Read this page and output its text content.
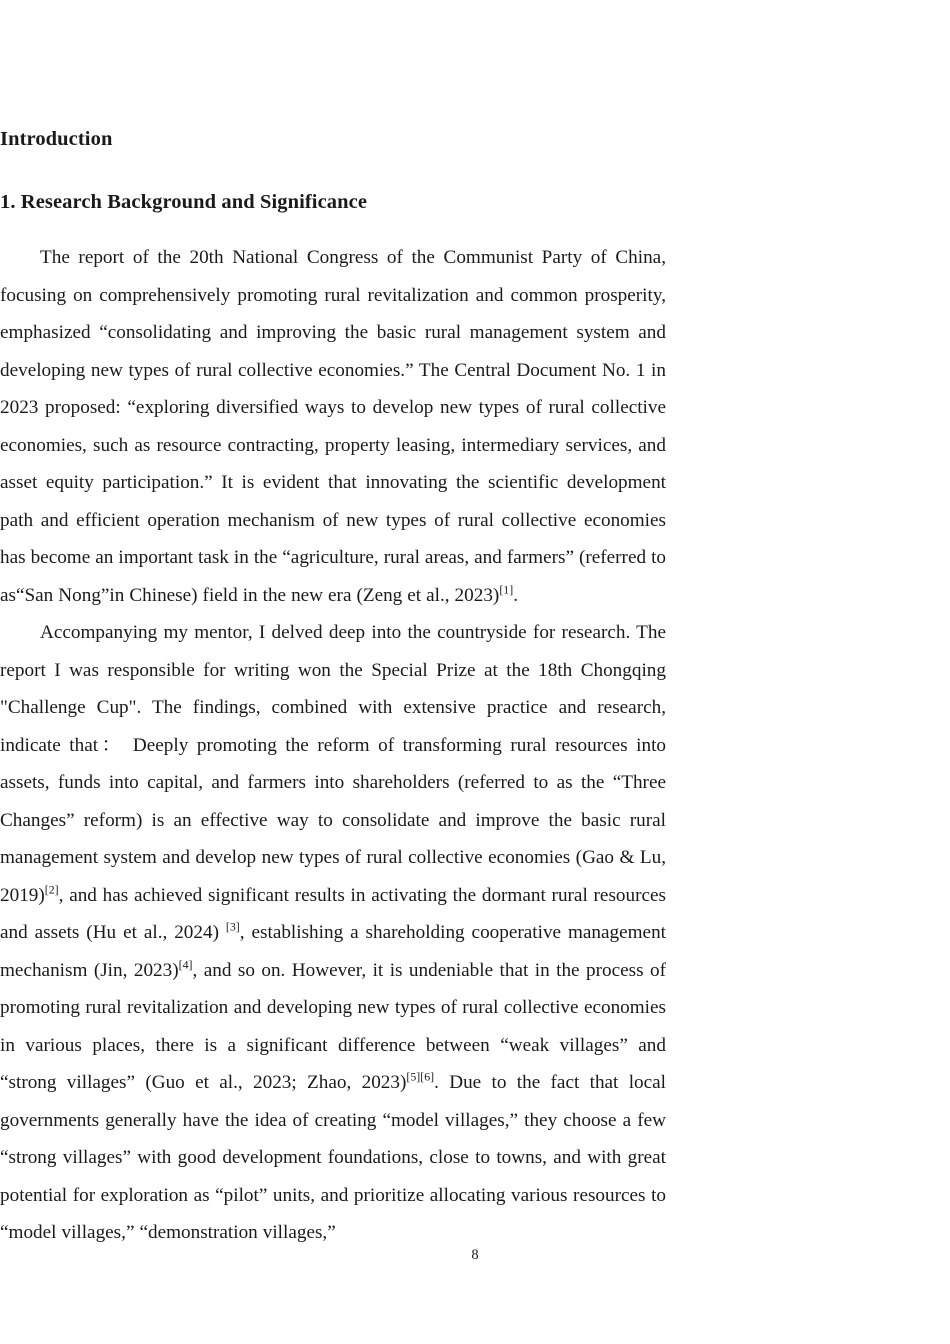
Introduction
1. Research Background and Significance

The report of the 20th National Congress of the Communist Party of China, focusing on comprehensively promoting rural revitalization and common prosperity, emphasized “consolidating and improving the basic rural management system and developing new types of rural collective economies.” The Central Document No. 1 in 2023 proposed: “exploring diversified ways to develop new types of rural collective economies, such as resource contracting, property leasing, intermediary services, and asset equity participation.” It is evident that innovating the scientific development path and efficient operation mechanism of new types of rural collective economies has become an important task in the “agriculture, rural areas, and farmers” (referred to as“San Nong”in Chinese) field in the new era (Zeng et al., 2023)[1].

Accompanying my mentor, I delved deep into the countryside for research. The report I was responsible for writing won the Special Prize at the 18th Chongqing "Challenge Cup". The findings, combined with extensive practice and research, indicate that： Deeply promoting the reform of transforming rural resources into assets, funds into capital, and farmers into shareholders (referred to as the “Three Changes” reform) is an effective way to consolidate and improve the basic rural management system and develop new types of rural collective economies (Gao & Lu, 2019)[2], and has achieved significant results in activating the dormant rural resources and assets (Hu et al., 2024) [3], establishing a shareholding cooperative management mechanism (Jin, 2023)[4], and so on. However, it is undeniable that in the process of promoting rural revitalization and developing new types of rural collective economies in various places, there is a significant difference between “weak villages” and “strong villages” (Guo et al., 2023; Zhao, 2023)[5][6]. Due to the fact that local governments generally have the idea of creating “model villages,” they choose a few “strong villages” with good development foundations, close to towns, and with great potential for exploration as “pilot” units, and prioritize allocating various resources to “model villages,” “demonstration villages,”

8
